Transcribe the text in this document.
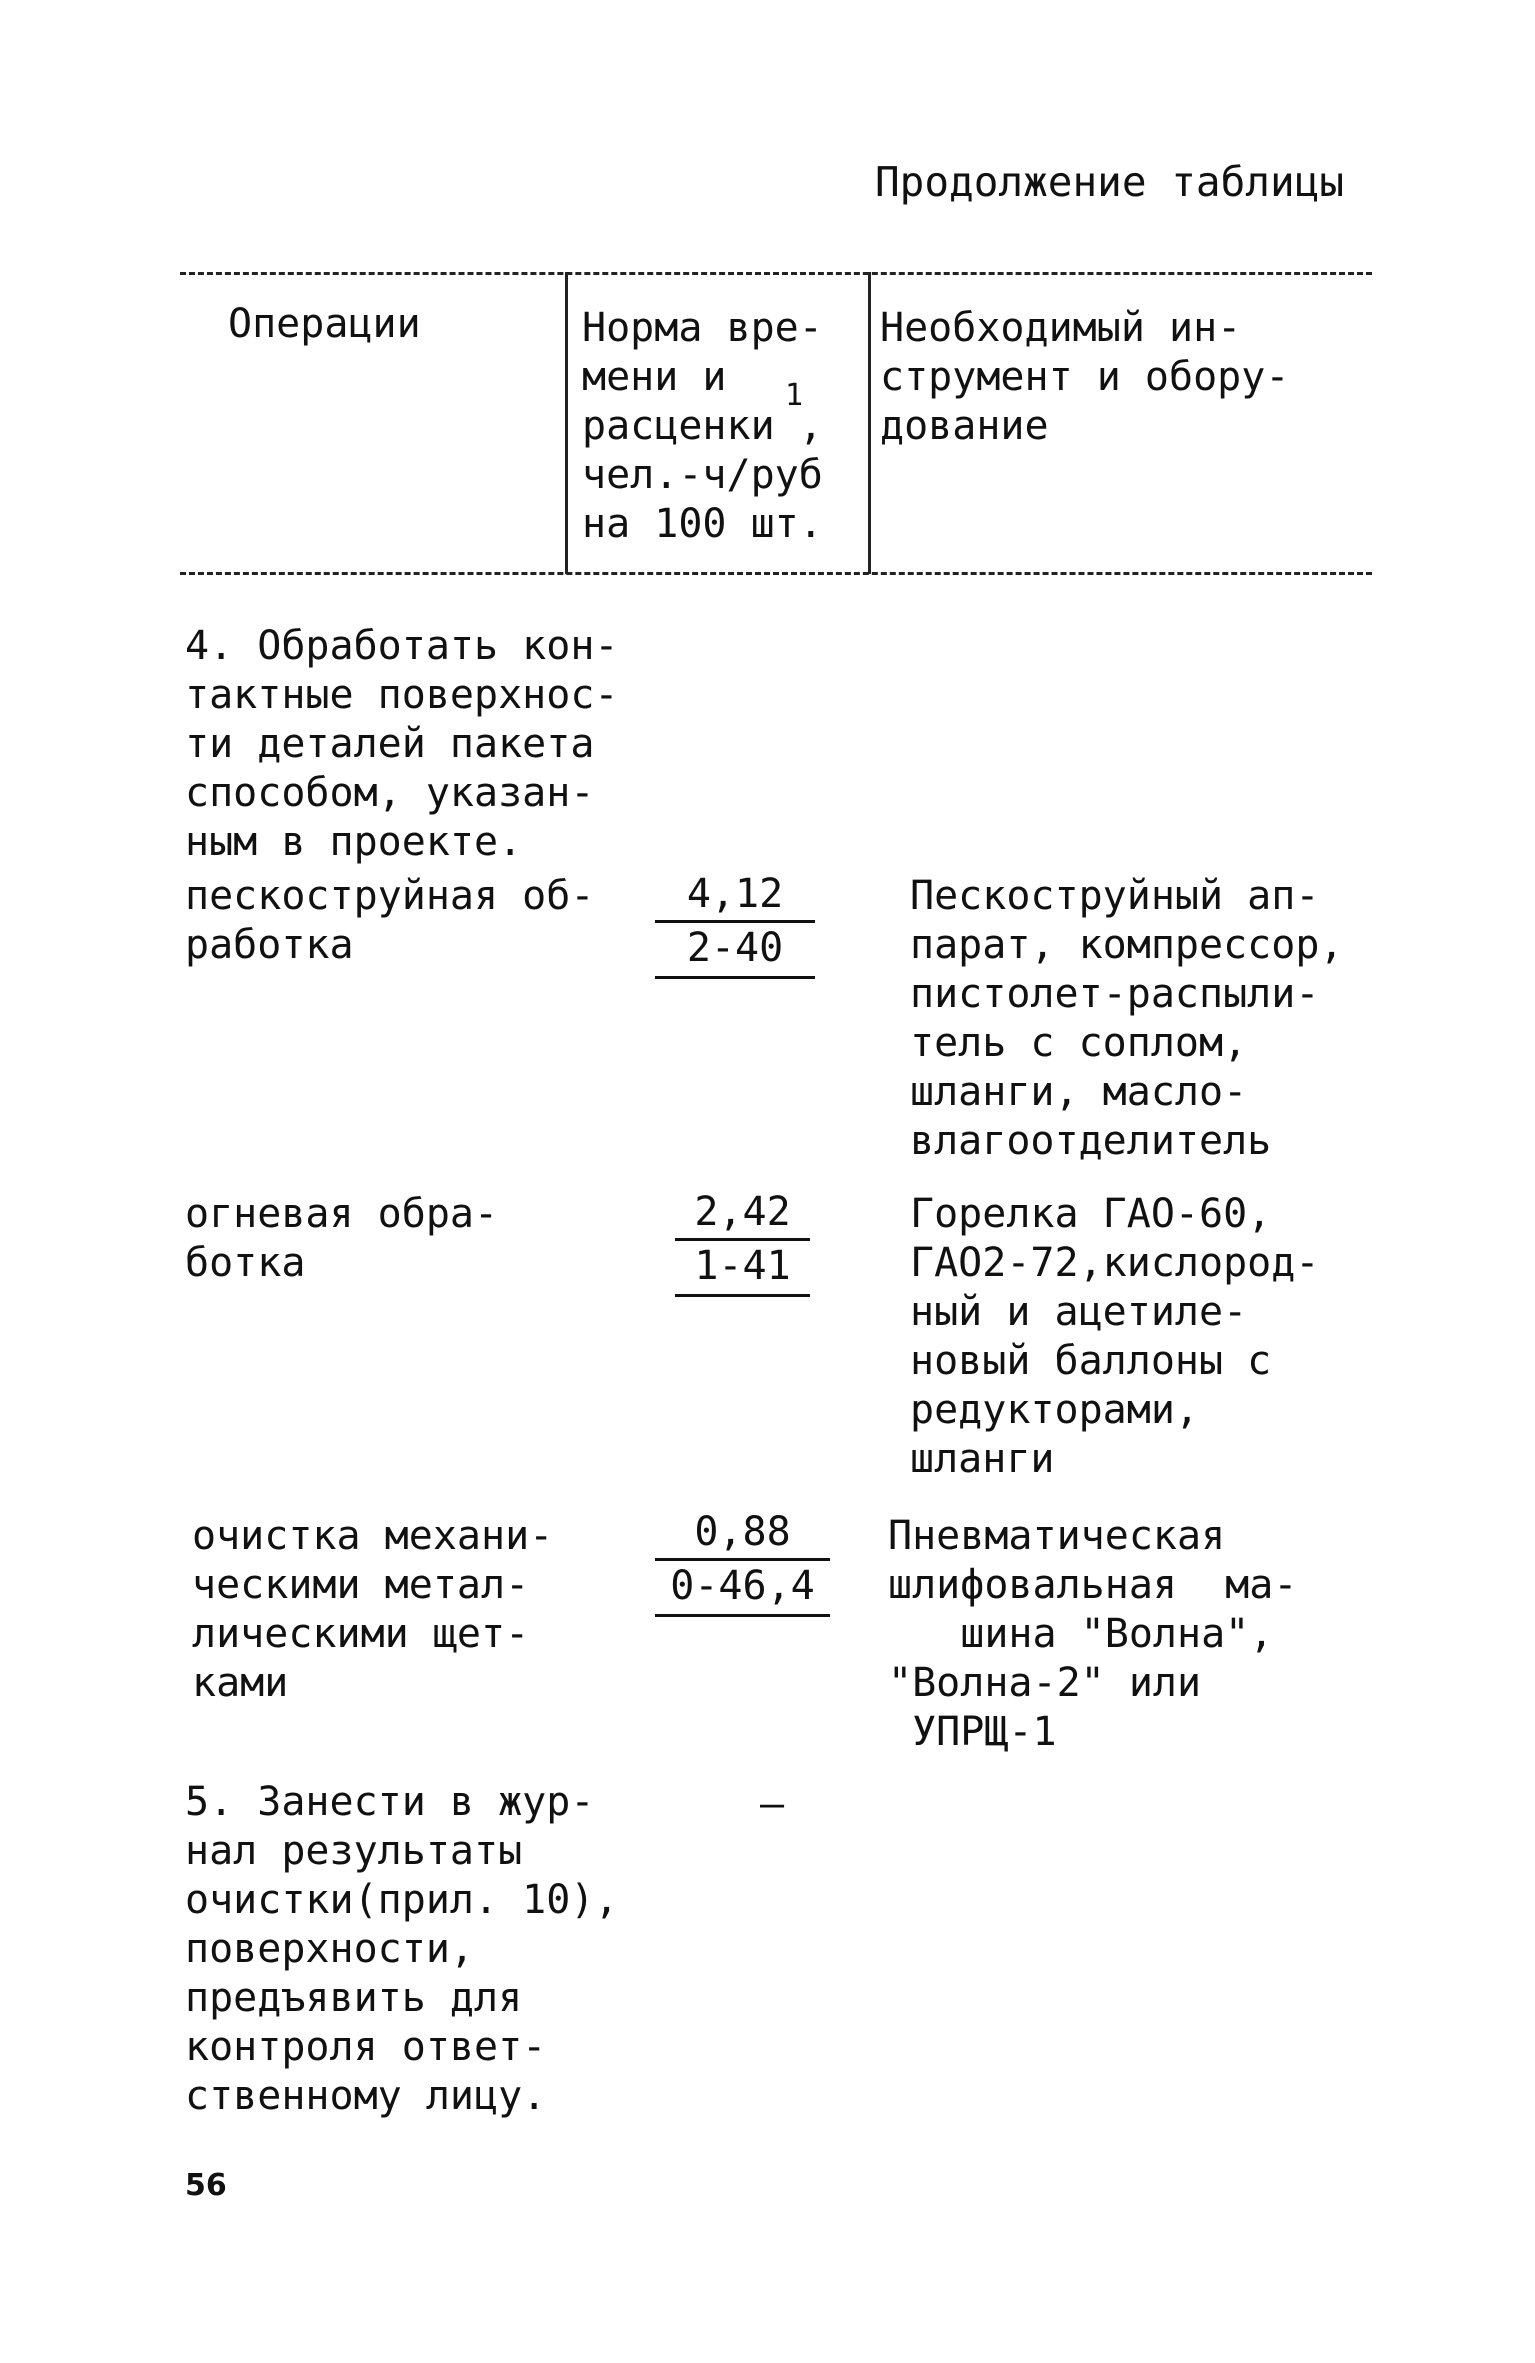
Продолжение таблицы

Операции	Норма вре-
мени и
расценки ,
чел.-ч/руб
на 100 шт.

1

Необходимый ин-
струмент и обору-
дование

4. Обработать кон-
тактные поверхнос-
ти деталей пакета
способом, указан-
ным в проекте.

пескоструйная об-
работка

4,12
2-40

Пескоструйный ап-
парат, компрессор,
пистолет-распыли-
тель с соплом,
шланги, масло-
влагоотделитель

огневая обра-
ботка

2,42
1-41

Горелка ГАО-60,
ГАО2-72,кислород-
ный и ацетиле-
новый баллоны с
редукторами,
шланги

очистка механи-
ческими метал-
лическими щет-
ками

0,88
0-46,4

Пневматическая
шлифовальная  ма-
шина "Волна",
"Волна-2" или
УПРЩ-1

5. Занести в жур-
нал результаты
очистки(прил. 10),
поверхности,
предъявить для
контроля ответ-
ственному лицу.

–

56
